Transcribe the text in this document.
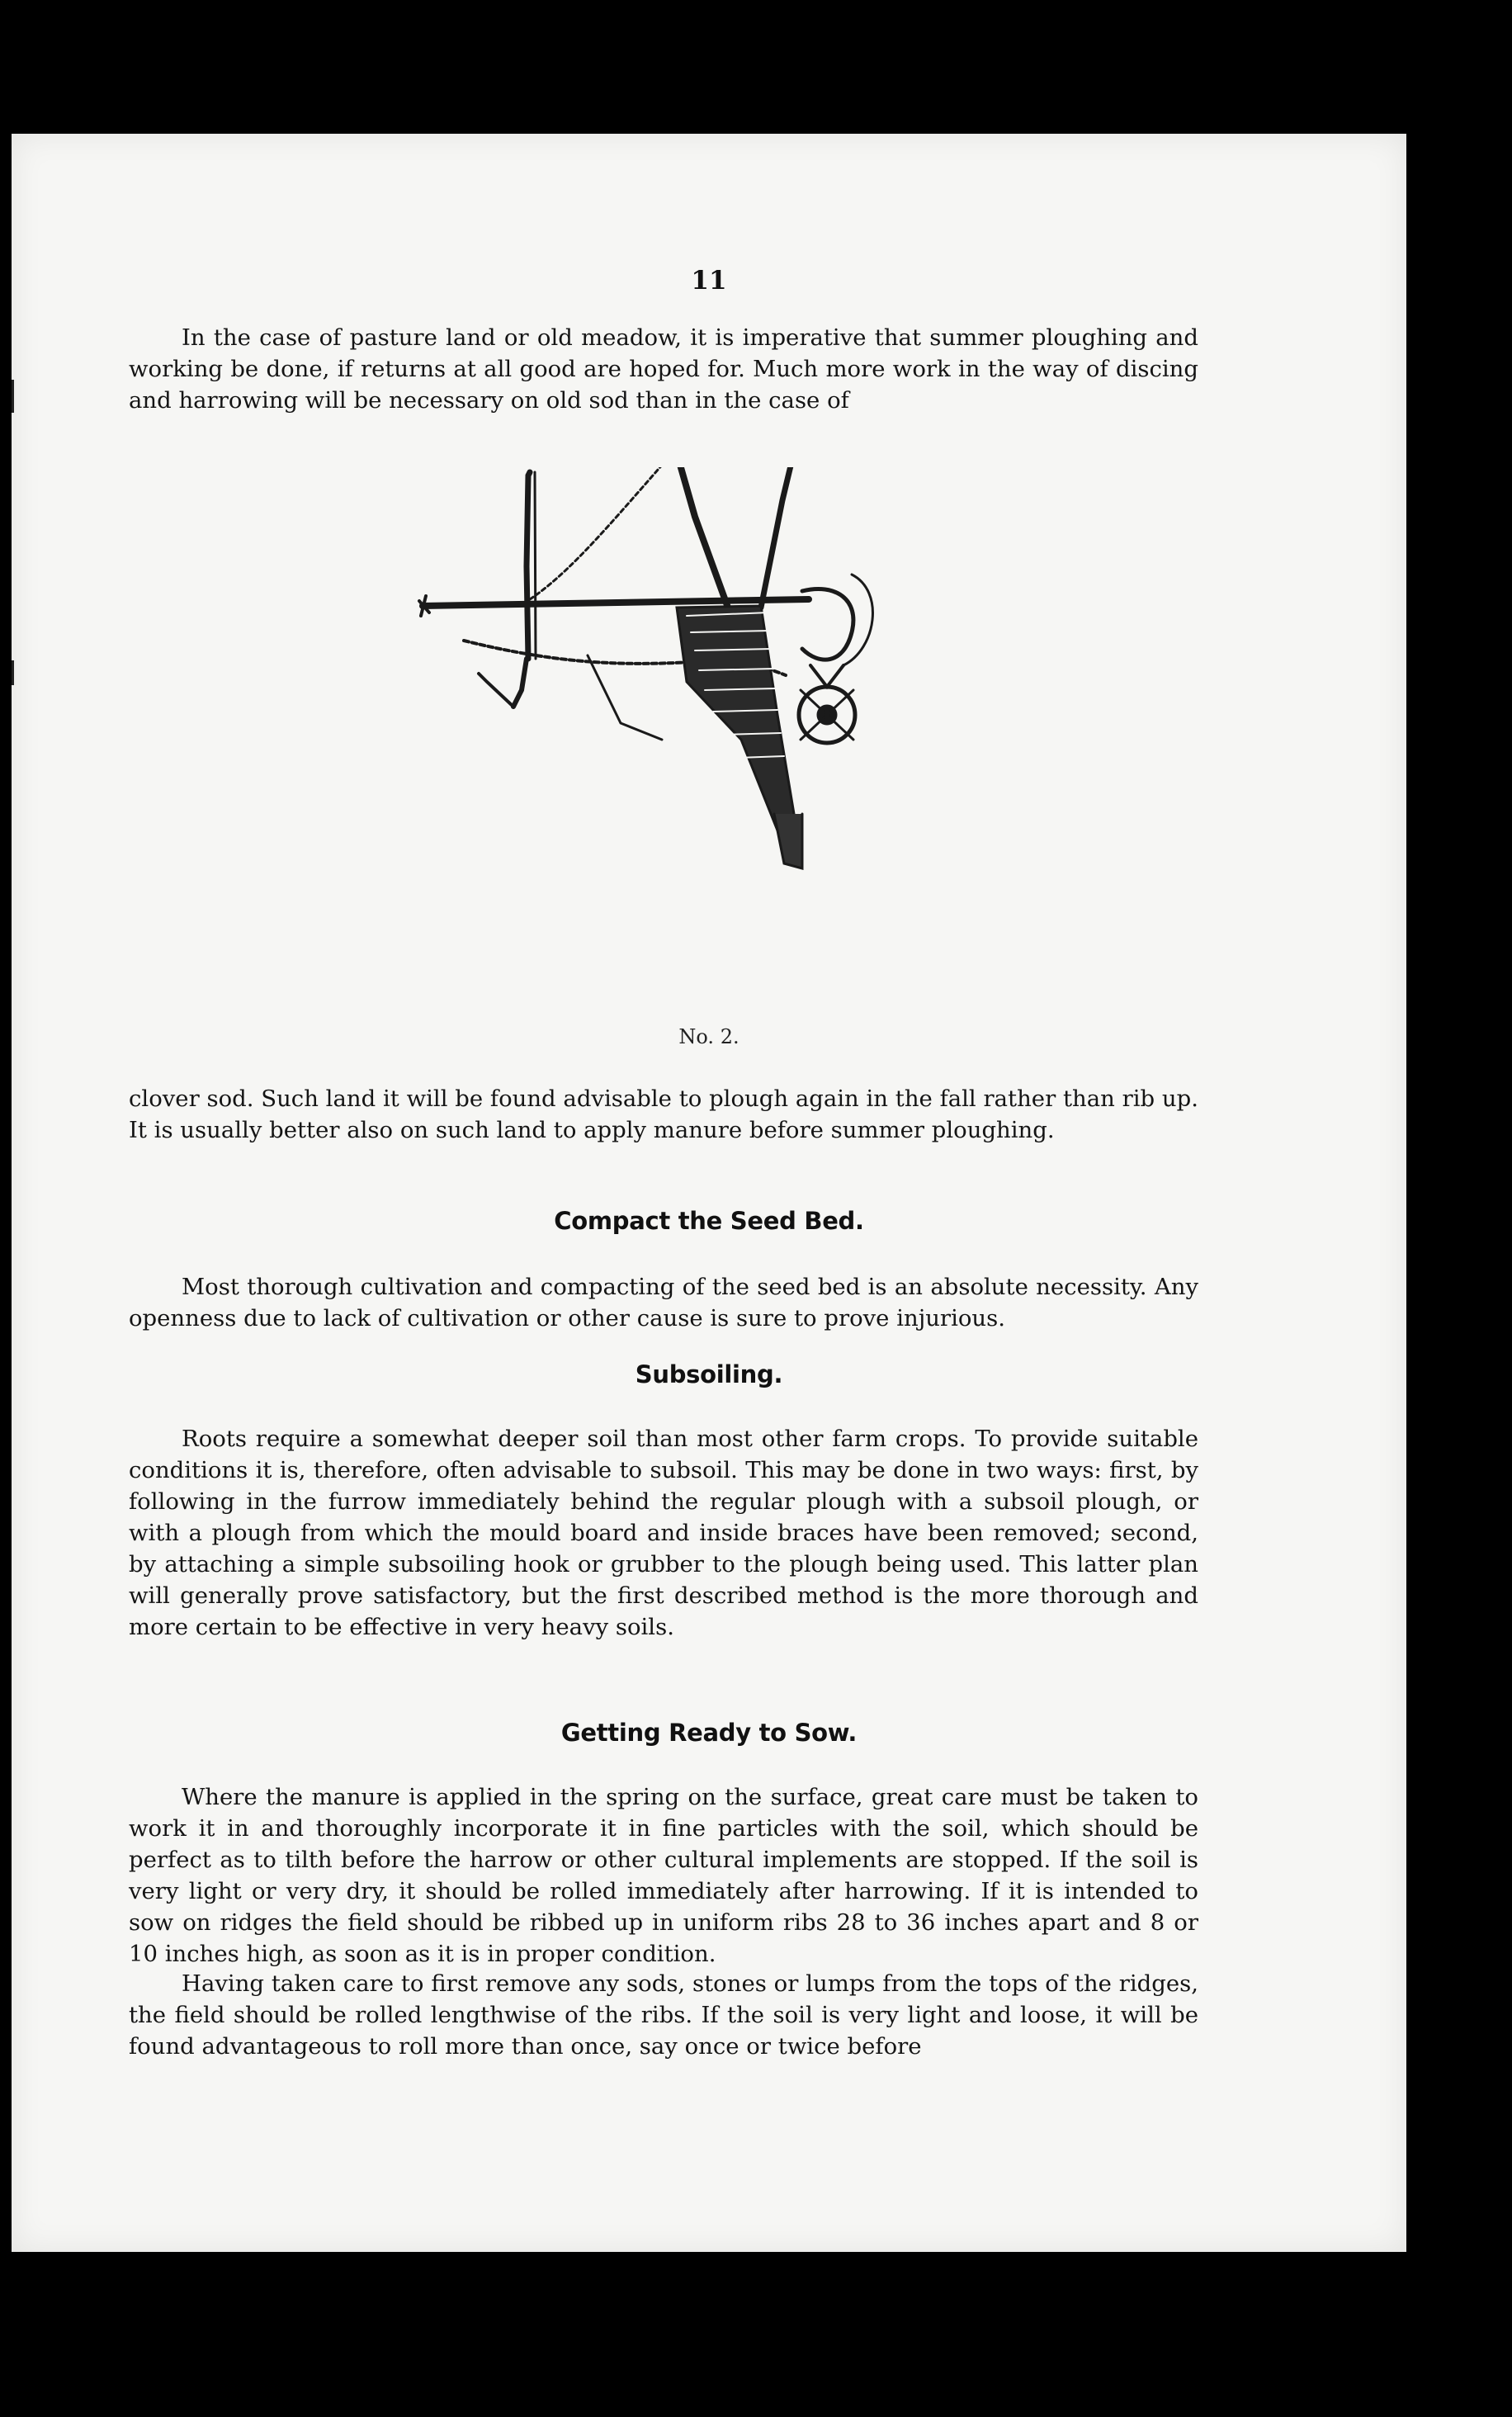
11

In the case of pasture land or old meadow, it is imperative that summer ploughing and working be done, if returns at all good are hoped for. Much more work in the way of discing and harrowing will be necessary on old sod than in the case of

No. 2.

clover sod. Such land it will be found advisable to plough again in the fall rather than rib up. It is usually better also on such land to apply manure before summer ploughing.

Compact the Seed Bed.

Most thorough cultivation and compacting of the seed bed is an absolute necessity. Any openness due to lack of cultivation or other cause is sure to prove injurious.

Subsoiling.

Roots require a somewhat deeper soil than most other farm crops. To provide suitable conditions it is, therefore, often advisable to subsoil. This may be done in two ways: first, by following in the furrow immediately behind the regular plough with a subsoil plough, or with a plough from which the mould board and inside braces have been removed; second, by attaching a simple subsoiling hook or grubber to the plough being used. This latter plan will generally prove satisfactory, but the first described method is the more thorough and more certain to be effective in very heavy soils.

Getting Ready to Sow.

Where the manure is applied in the spring on the surface, great care must be taken to work it in and thoroughly incorporate it in fine particles with the soil, which should be perfect as to tilth before the harrow or other cultural implements are stopped. If the soil is very light or very dry, it should be rolled immediately after harrowing. If it is intended to sow on ridges the field should be ribbed up in uniform ribs 28 to 36 inches apart and 8 or 10 inches high, as soon as it is in proper condition.

Having taken care to first remove any sods, stones or lumps from the tops of the ridges, the field should be rolled lengthwise of the ribs. If the soil is very light and loose, it will be found advantageous to roll more than once, say once or twice before
